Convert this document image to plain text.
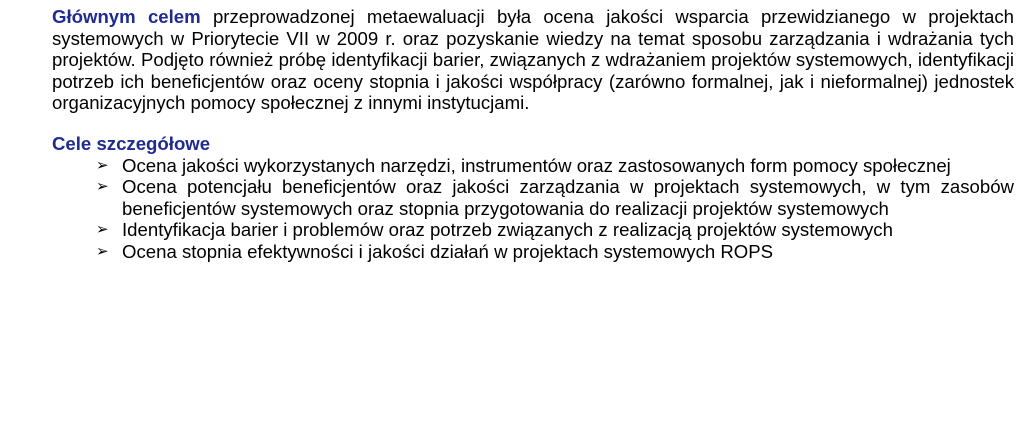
Głównym celem przeprowadzonej metaewaluacji była ocena jakości wsparcia przewidzianego w projektach systemowych w Priorytecie VII w 2009 r. oraz pozyskanie wiedzy na temat sposobu zarządzania i wdrażania tych projektów. Podjęto również próbę identyfikacji barier, związanych z wdrażaniem projektów systemowych, identyfikacji potrzeb ich beneficjentów oraz oceny stopnia i jakości współpracy (zarówno formalnej, jak i nieformalnej) jednostek organizacyjnych pomocy społecznej z innymi instytucjami.

Cele szczegółowe
➢ Ocena jakości wykorzystanych narzędzi, instrumentów oraz zastosowanych form pomocy społecznej
➢ Ocena potencjału beneficjentów oraz jakości zarządzania w projektach systemowych, w tym zasobów beneficjentów systemowych oraz stopnia przygotowania do realizacji projektów systemowych
➢ Identyfikacja barier i problemów oraz potrzeb związanych z realizacją projektów systemowych
➢ Ocena stopnia efektywności i jakości działań w projektach systemowych ROPS
